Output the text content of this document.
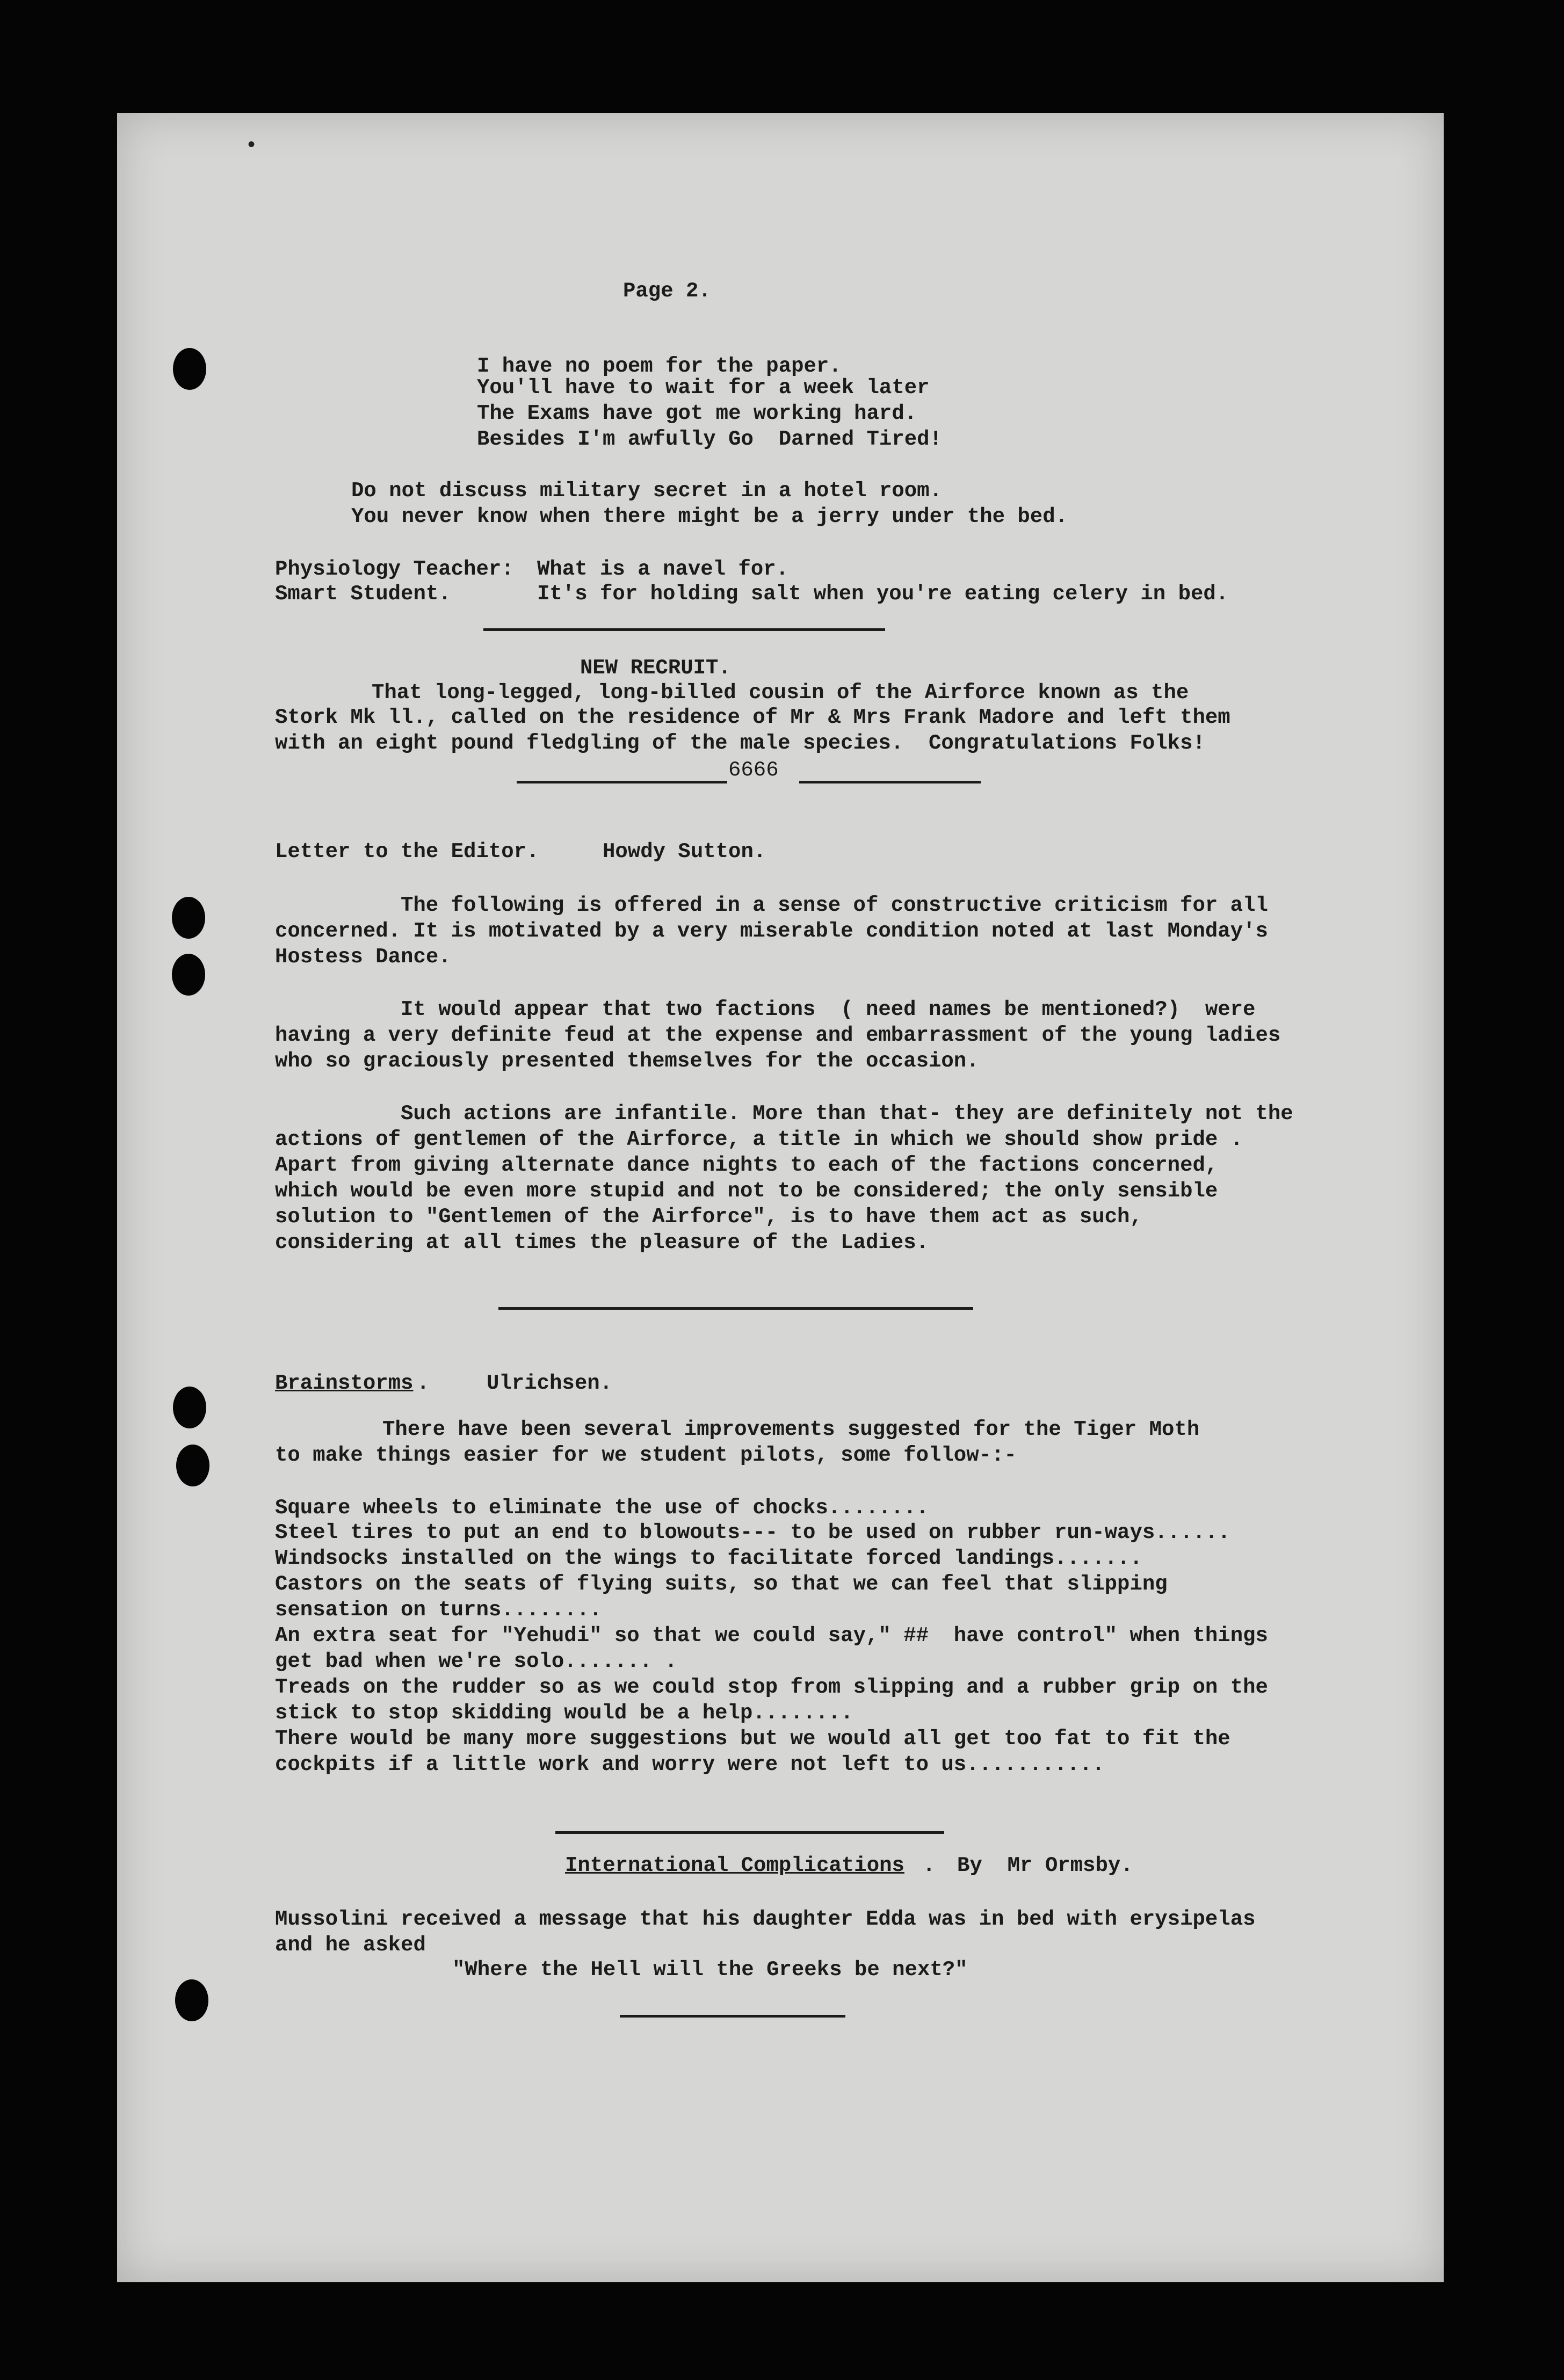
Page 2.
I have no poem for the paper.
You'll have to wait for a week later
The Exams have got me working hard.
Besides I'm awfully Go  Darned Tired!
Do not discuss military secret in a hotel room.
You never know when there might be a jerry under the bed.
Physiology Teacher: What is a navel for.
Smart Student.	It's for holding salt when you're eating celery in bed.
NEW RECRUIT.
That long-legged, long-billed cousin of the Airforce known as the
Stork Mk ll., called on the residence of Mr & Mrs Frank Madore and left them
with an eight pound fledgling of the male species.  Congratulations Folks!
6666
Letter to the Editor.	Howdy Sutton.
The following is offered in a sense of constructive criticism for all
concerned. It is motivated by a very miserable condition noted at last Monday's
Hostess Dance.
It would appear that two factions  ( need names be mentioned?)  were
having a very definite feud at the expense and embarrassment of the young ladies
who so graciously presented themselves for the occasion.
Such actions are infantile. More than that- they are definitely not the
actions of gentlemen of the Airforce, a title in which we should show pride .
Apart from giving alternate dance nights to each of the factions concerned,
which would be even more stupid and not to be considered; the only sensible
solution to "Gentlemen of the Airforce", is to have them act as such,
considering at all times the pleasure of the Ladies.
Brainstorms .	Ulrichsen.
There have been several improvements suggested for the Tiger Moth
to make things easier for we student pilots, some follow-:-
Square wheels to eliminate the use of chocks........
Steel tires to put an end to blowouts--- to be used on rubber run-ways......
Windsocks installed on the wings to facilitate forced landings.......
Castors on the seats of flying suits, so that we can feel that slipping
sensation on turns........
An extra seat for "Yehudi" so that we could say," ##  have control" when things
get bad when we're solo....... .
Treads on the rudder so as we could stop from slipping and a rubber grip on the
stick to stop skidding would be a help........
There would be many more suggestions but we would all get too fat to fit the
cockpits if a little work and worry were not left to us...........
International Complications . By  Mr Ormsby.
Mussolini received a message that his daughter Edda was in bed with erysipelas
and he asked
"Where the Hell will the Greeks be next?"
•
